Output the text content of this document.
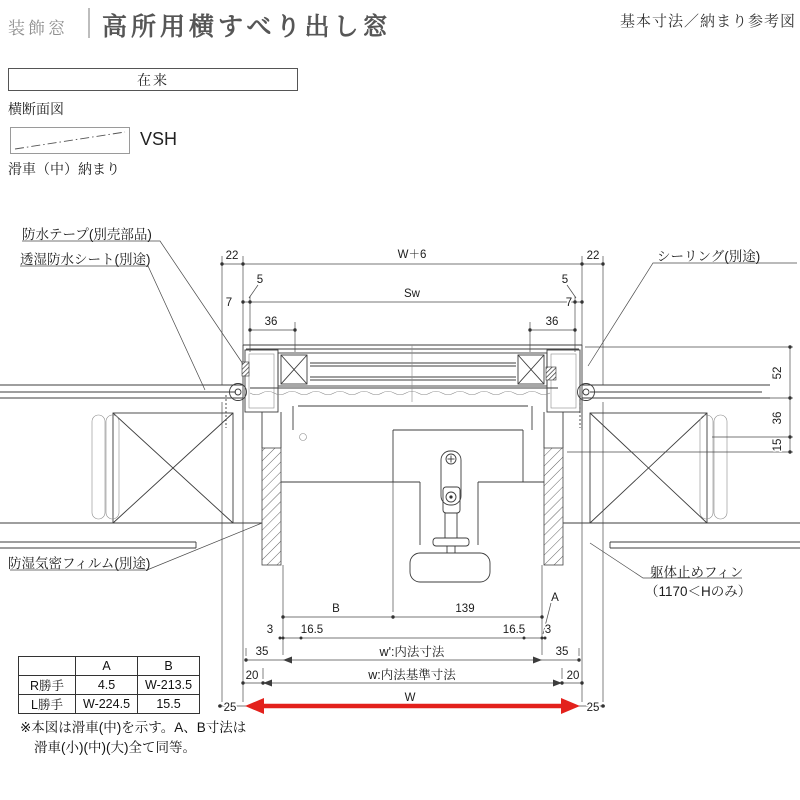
22	W＋6	22
5	5
7
Sw
7
36	36
52
36
15
B	139
A
3 16.5	16.5 3
35	w':内法寸法	35
20	w:内法基準寸法	20
25
W
25
装飾窓 高所用横すべり出し窓	基本寸法／納まり参考図
在来
横断面図
VSH
滑車（中）納まり
防水テープ(別売部品)
透湿防水シート(別途)	シーリング(別途)
防湿気密フィルム(別途)
躯体止めフィン
（1170＜Hのみ）
	A	B
R勝手	4.5	W-213.5
L勝手	W-224.5	15.5
※本図は滑車(中)を示す。A、B寸法は
滑車(小)(中)(大)全て同等。
